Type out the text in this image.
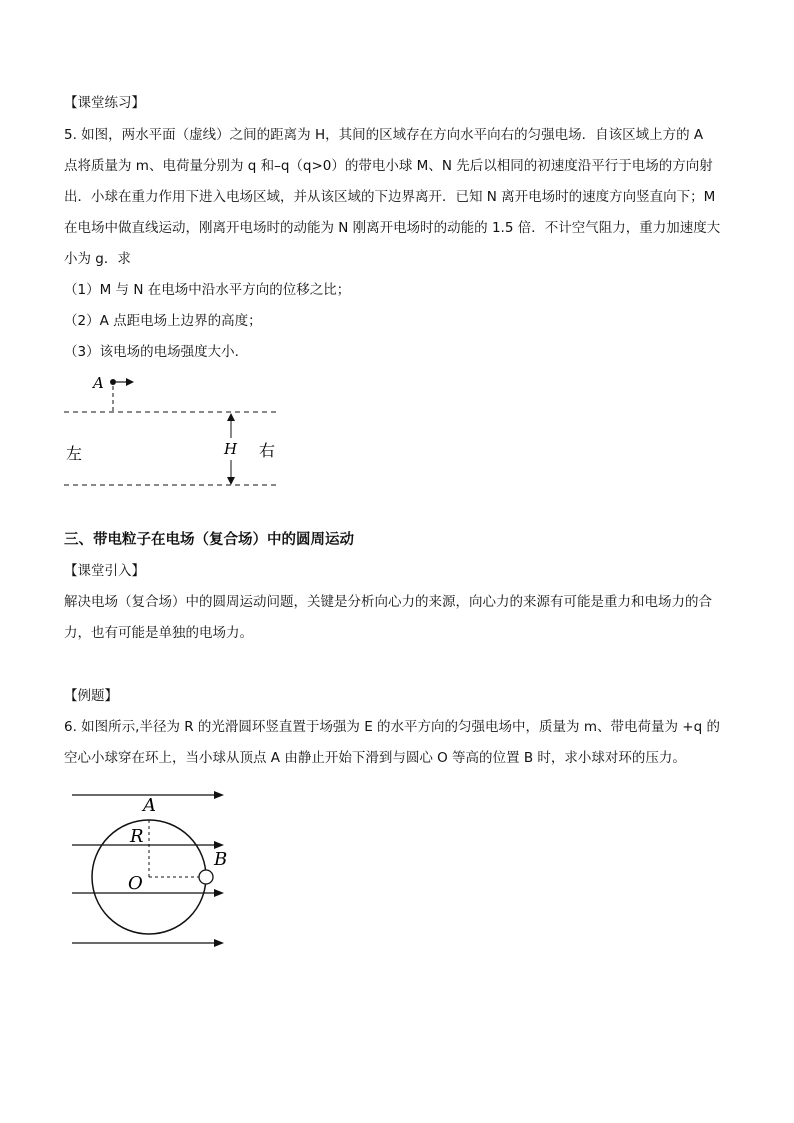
【课堂练习】
5. 如图，两水平面（虚线）之间的距离为 H，其间的区域存在方向水平向右的匀强电场．自该区域上方的 A
点将质量为 m、电荷量分别为 q 和–q（q>0）的带电小球 M、N 先后以相同的初速度沿平行于电场的方向射
出．小球在重力作用下进入电场区域，并从该区域的下边界离开．已知 N 离开电场时的速度方向竖直向下；M
在电场中做直线运动，刚离开电场时的动能为 N 刚离开电场时的动能的 1.5 倍．不计空气阻力，重力加速度大
小为 g．求
（1）M 与 N 在电场中沿水平方向的位移之比；
（2）A 点距电场上边界的高度；
（3）该电场的电场强度大小．
A
H
左	右
三、带电粒子在电场（复合场）中的圆周运动
【课堂引入】
解决电场（复合场）中的圆周运动问题，关键是分析向心力的来源，向心力的来源有可能是重力和电场力的合
力，也有可能是单独的电场力。
【例题】
6. 如图所示,半径为 R 的光滑圆环竖直置于场强为 E 的水平方向的匀强电场中，质量为 m、带电荷量为 +q 的
空心小球穿在环上，当小球从顶点 A 由静止开始下滑到与圆心 O 等高的位置 B 时，求小球对环的压力。
A
R
O
B
